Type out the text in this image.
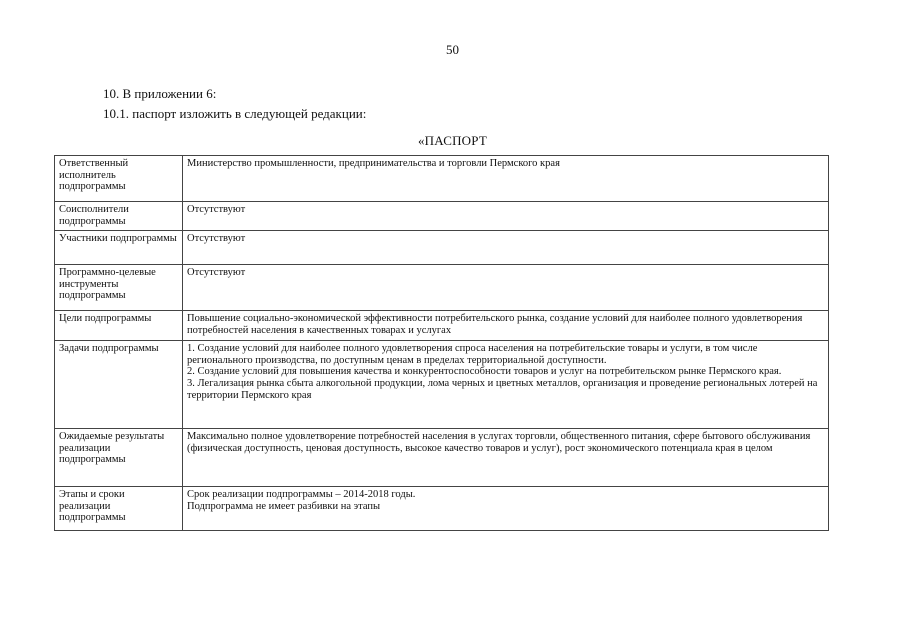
50
10. В приложении 6:
10.1. паспорт изложить в следующей редакции:
«ПАСПОРТ
Ответственный исполнитель подпрограммы	Министерство промышленности, предпринимательства и торговли Пермского края

Соисполнители подпрограммы	Отсутствуют

Участники подпрограммы	Отсутствуют

Программно-целевые инструменты подпрограммы	Отсутствуют

Цели подпрограммы	Повышение социально-экономической эффективности потребительского рынка, создание условий для наиболее полного удовлетворения потребностей населения в качественных товарах и услугах

Задачи подпрограммы	1. Создание условий для наиболее полного удовлетворения спроса населения на потребительские товары и услуги, в том числе регионального производства, по доступным ценам в пределах территориальной доступности.
2. Создание условий для повышения качества и конкурентоспособности товаров и услуг на потребительском рынке Пермского края.
3. Легализация рынка сбыта алкогольной продукции, лома черных и цветных металлов, организация и проведение региональных лотерей на территории Пермского края

Ожидаемые результаты реализации подпрограммы	Максимально полное удовлетворение потребностей населения в услугах торговли, общественного питания, сфере бытового обслуживания (физическая доступность, ценовая доступность, высокое качество товаров и услуг), рост экономического потенциала края в целом

Этапы и сроки реализации подпрограммы	Срок реализации подпрограммы – 2014-2018 годы.
Подпрограмма не имеет разбивки на этапы
